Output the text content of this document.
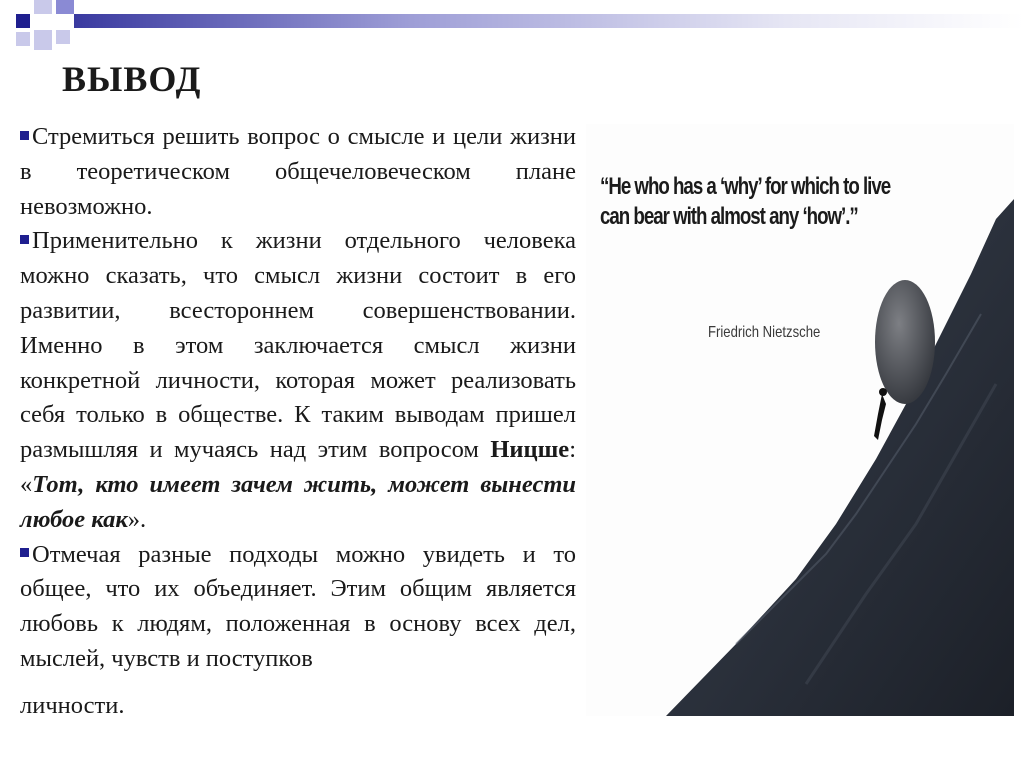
ВЫВОД

Стремиться решить вопрос о смысле и цели жизни в теоретическом общечеловеческом плане невозможно.

Применительно к жизни отдельного человека можно сказать, что смысл жизни состоит в его развитии, всестороннем совершенствовании. Именно в этом заключается смысл жизни конкретной личности, которая может реализовать себя только в обществе. К таким выводам пришел размышляя и мучаясь над этим вопросом Ницше: «Тот, кто имеет зачем жить, может вынести любое как».

Отмечая разные подходы можно увидеть и то общее, что их объединяет. Этим общим является любовь к людям, положенная в основу всех дел, мыслей, чувств и поступков

личности.

“He who has a ‘why’ for which to live
can bear with almost any ‘how’.”
Friedrich Nietzsche
